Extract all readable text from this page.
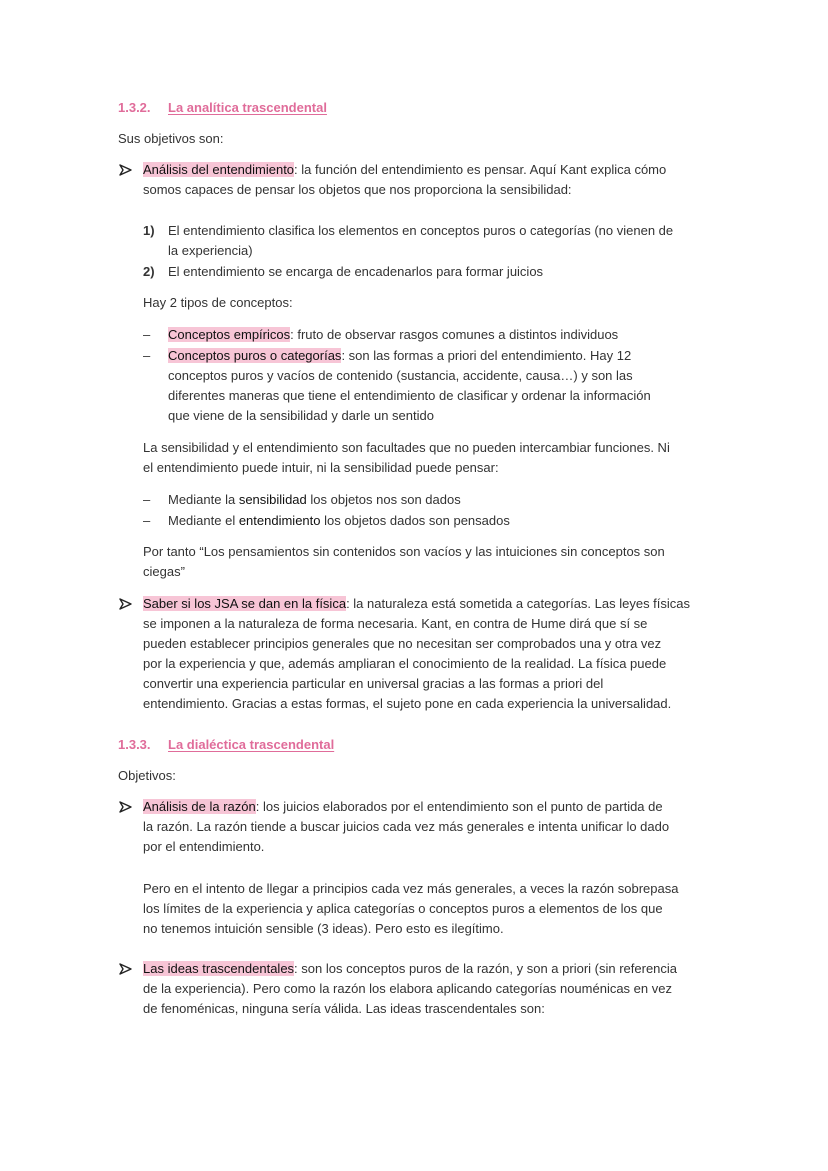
1.3.2. La analítica trascendental
Sus objetivos son:
Análisis del entendimiento: la función del entendimiento es pensar. Aquí Kant explica cómo
somos capaces de pensar los objetos que nos proporciona la sensibilidad:
1) El entendimiento clasifica los elementos en conceptos puros o categorías (no vienen de
la experiencia)
2) El entendimiento se encarga de encadenarlos para formar juicios
Hay 2 tipos de conceptos:
– Conceptos empíricos: fruto de observar rasgos comunes a distintos individuos
– Conceptos puros o categorías: son las formas a priori del entendimiento. Hay 12
conceptos puros y vacíos de contenido (sustancia, accidente, causa…) y son las
diferentes maneras que tiene el entendimiento de clasificar y ordenar la información
que viene de la sensibilidad y darle un sentido
La sensibilidad y el entendimiento son facultades que no pueden intercambiar funciones. Ni
el entendimiento puede intuir, ni la sensibilidad puede pensar:
– Mediante la sensibilidad los objetos nos son dados
– Mediante el entendimiento los objetos dados son pensados
Por tanto “Los pensamientos sin contenidos son vacíos y las intuiciones sin conceptos son
ciegas”
Saber si los JSA se dan en la física: la naturaleza está sometida a categorías. Las leyes físicas
se imponen a la naturaleza de forma necesaria. Kant, en contra de Hume dirá que sí se
pueden establecer principios generales que no necesitan ser comprobados una y otra vez
por la experiencia y que, además ampliaran el conocimiento de la realidad. La física puede
convertir una experiencia particular en universal gracias a las formas a priori del
entendimiento. Gracias a estas formas, el sujeto pone en cada experiencia la universalidad.
1.3.3. La dialéctica trascendental
Objetivos:
Análisis de la razón: los juicios elaborados por el entendimiento son el punto de partida de
la razón. La razón tiende a buscar juicios cada vez más generales e intenta unificar lo dado
por el entendimiento.
Pero en el intento de llegar a principios cada vez más generales, a veces la razón sobrepasa
los límites de la experiencia y aplica categorías o conceptos puros a elementos de los que
no tenemos intuición sensible (3 ideas). Pero esto es ilegítimo.
Las ideas trascendentales: son los conceptos puros de la razón, y son a priori (sin referencia
de la experiencia). Pero como la razón los elabora aplicando categorías nouménicas en vez
de fenoménicas, ninguna sería válida. Las ideas trascendentales son:
